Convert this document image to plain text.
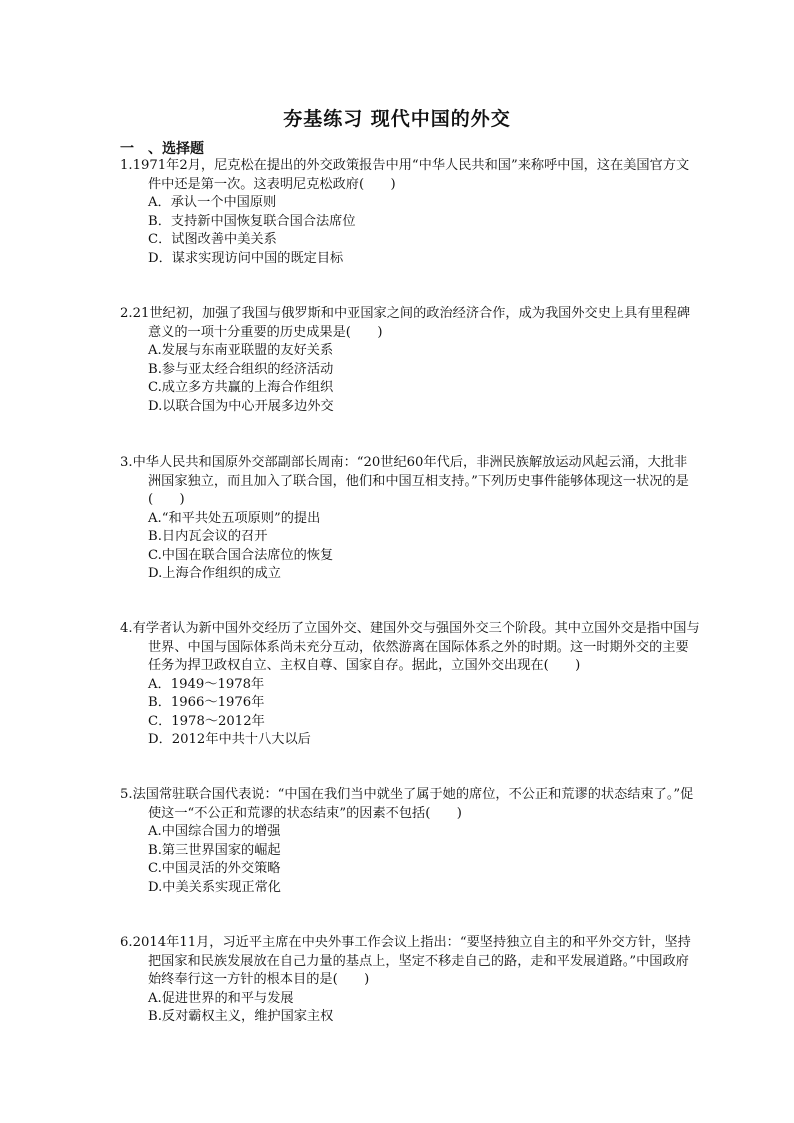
夯基练习 现代中国的外交
一　、选择题

1.1971年2月，尼克松在提出的外交政策报告中用“中华人民共和国”来称呼中国，这在美国官方文件中还是第一次。这表明尼克松政府(　　)

A．承认一个中国原则

B．支持新中国恢复联合国合法席位

C．试图改善中美关系

D．谋求实现访问中国的既定目标

2.21世纪初，加强了我国与俄罗斯和中亚国家之间的政治经济合作，成为我国外交史上具有里程碑意义的一项十分重要的历史成果是(　　)

A.发展与东南亚联盟的友好关系

B.参与亚太经合组织的经济活动

C.成立多方共赢的上海合作组织

D.以联合国为中心开展多边外交

3.中华人民共和国原外交部副部长周南：“20世纪60年代后，非洲民族解放运动风起云涌，大批非洲国家独立，而且加入了联合国，他们和中国互相支持。”下列历史事件能够体现这一状况的是(　　)

A.“和平共处五项原则”的提出

B.日内瓦会议的召开

C.中国在联合国合法席位的恢复

D.上海合作组织的成立

4.有学者认为新中国外交经历了立国外交、建国外交与强国外交三个阶段。其中立国外交是指中国与世界、中国与国际体系尚未充分互动，依然游离在国际体系之外的时期。这一时期外交的主要任务为捍卫政权自立、主权自尊、国家自存。据此，立国外交出现在(　　)

A．1949～1978年

B．1966～1976年

C．1978～2012年

D．2012年中共十八大以后

5.法国常驻联合国代表说：“中国在我们当中就坐了属于她的席位，不公正和荒谬的状态结束了。”促使这一“不公正和荒谬的状态结束”的因素不包括(　　)

A.中国综合国力的增强

B.第三世界国家的崛起

C.中国灵活的外交策略

D.中美关系实现正常化

6.2014年11月，习近平主席在中央外事工作会议上指出：“要坚持独立自主的和平外交方针，坚持把国家和民族发展放在自己力量的基点上，坚定不移走自己的路，走和平发展道路。”中国政府始终奉行这一方针的根本目的是(　　)

A.促进世界的和平与发展

B.反对霸权主义，维护国家主权
